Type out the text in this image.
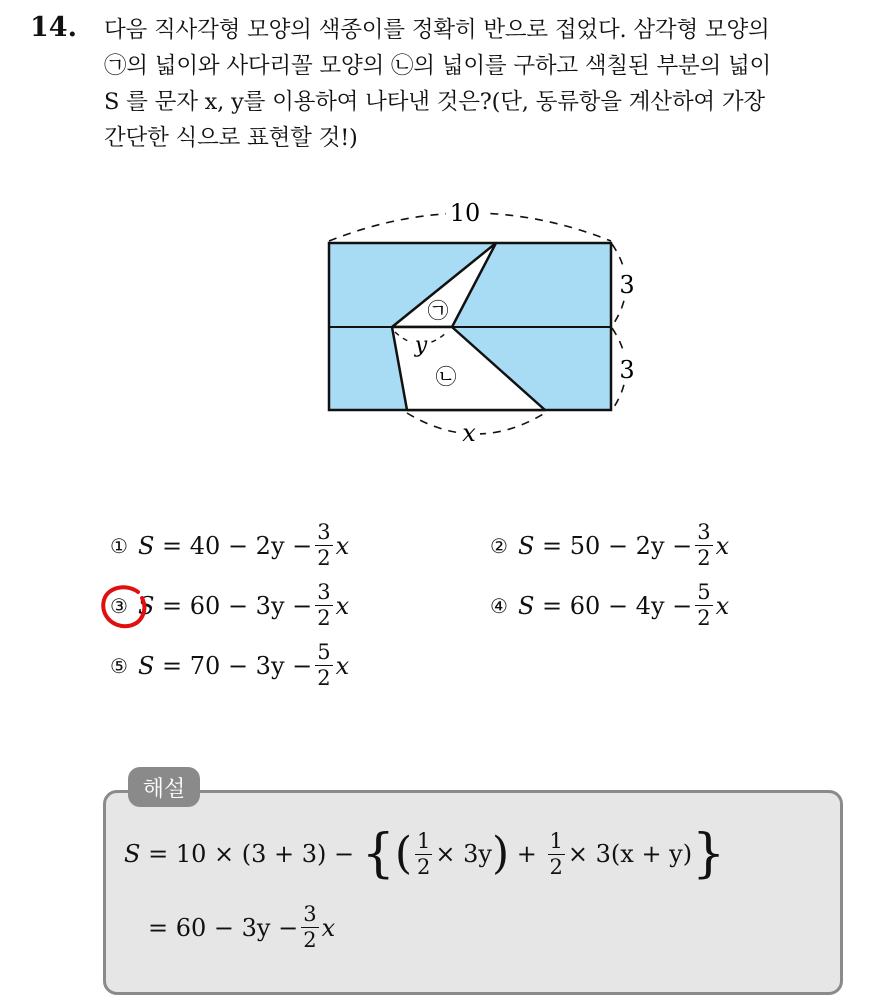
14. 다음 직사각형 모양의 색종이를 정확히 반으로 접었다. 삼각형 모양의
㉠의 넓이와 사다리꼴 모양의 ㉡의 넓이를 구하고 색칠된 부분의 넓이
S 를 문자 x, y를 이용하여 나타낸 것은?(단, 동류항을 계산하여 가장
간단한 식으로 표현할 것!)
10
3
3
x
y
㉠
㉡
① S
= $40 - 2y - \frac{3}{2}$ x	② S
= $50 - 2y - \frac{3}{2}$ x
③ S
= $60 - 3y - \frac{3}{2}$ x	④ S
= $60 - 4y - \frac{5}{2}$ x
⑤ S
= $70 - 3y - \frac{5}{2}$ x
해설
S
= 10 × (3 + 3) −
{ ( $\frac{1}{2} \times 3y$ )
+
$\frac{1}{2} \times 3(x + y)$ }
= $60 - 3y - \frac{3}{2}$ x
